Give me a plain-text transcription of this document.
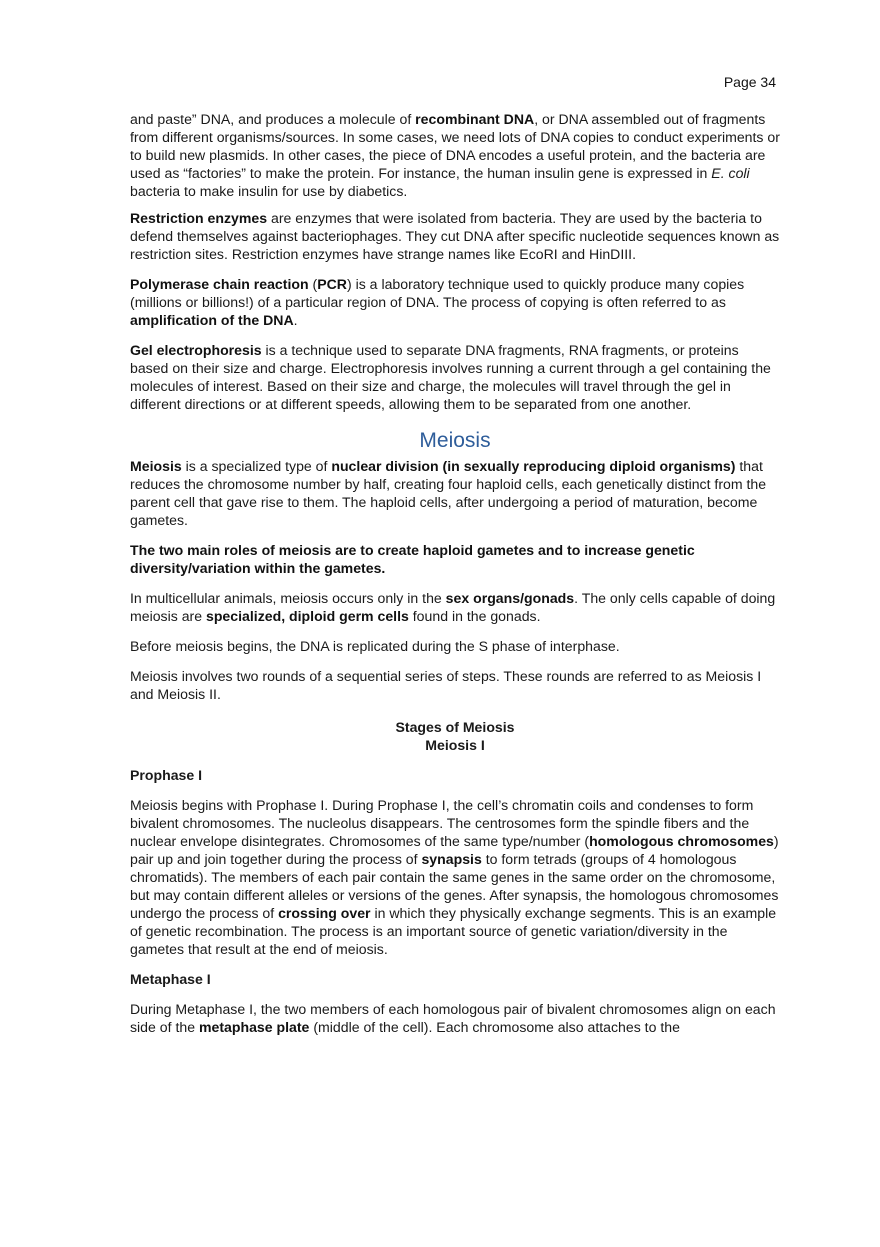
Page 34

and paste” DNA, and produces a molecule of recombinant DNA, or DNA assembled out of fragments from different organisms/sources. In some cases, we need lots of DNA copies to conduct experiments or to build new plasmids. In other cases, the piece of DNA encodes a useful protein, and the bacteria are used as “factories” to make the protein. For instance, the human insulin gene is expressed in E. coli bacteria to make insulin for use by diabetics.

Restriction enzymes are enzymes that were isolated from bacteria. They are used by the bacteria to defend themselves against bacteriophages. They cut DNA after specific nucleotide sequences known as restriction sites. Restriction enzymes have strange names like EcoRI and HinDIII.

Polymerase chain reaction (PCR) is a laboratory technique used to quickly produce many copies (millions or billions!) of a particular region of DNA. The process of copying is often referred to as amplification of the DNA.

Gel electrophoresis is a technique used to separate DNA fragments, RNA fragments, or proteins based on their size and charge. Electrophoresis involves running a current through a gel containing the molecules of interest. Based on their size and charge, the molecules will travel through the gel in different directions or at different speeds, allowing them to be separated from one another.

Meiosis

Meiosis is a specialized type of nuclear division (in sexually reproducing diploid organisms) that reduces the chromosome number by half, creating four haploid cells, each genetically distinct from the parent cell that gave rise to them. The haploid cells, after undergoing a period of maturation, become gametes.

The two main roles of meiosis are to create haploid gametes and to increase genetic diversity/variation within the gametes.

In multicellular animals, meiosis occurs only in the sex organs/gonads. The only cells capable of doing meiosis are specialized, diploid germ cells found in the gonads.

Before meiosis begins, the DNA is replicated during the S phase of interphase.

Meiosis involves two rounds of a sequential series of steps. These rounds are referred to as Meiosis I and Meiosis II.

Stages of Meiosis
Meiosis I
Prophase I

Meiosis begins with Prophase I. During Prophase I, the cell’s chromatin coils and condenses to form bivalent chromosomes. The nucleolus disappears. The centrosomes form the spindle fibers and the nuclear envelope disintegrates. Chromosomes of the same type/number (homologous chromosomes) pair up and join together during the process of synapsis to form tetrads (groups of 4 homologous chromatids). The members of each pair contain the same genes in the same order on the chromosome, but may contain different alleles or versions of the genes. After synapsis, the homologous chromosomes undergo the process of crossing over in which they physically exchange segments. This is an example of genetic recombination. The process is an important source of genetic variation/diversity in the gametes that result at the end of meiosis.

Metaphase I

During Metaphase I, the two members of each homologous pair of bivalent chromosomes align on each side of the metaphase plate (middle of the cell). Each chromosome also attaches to the
